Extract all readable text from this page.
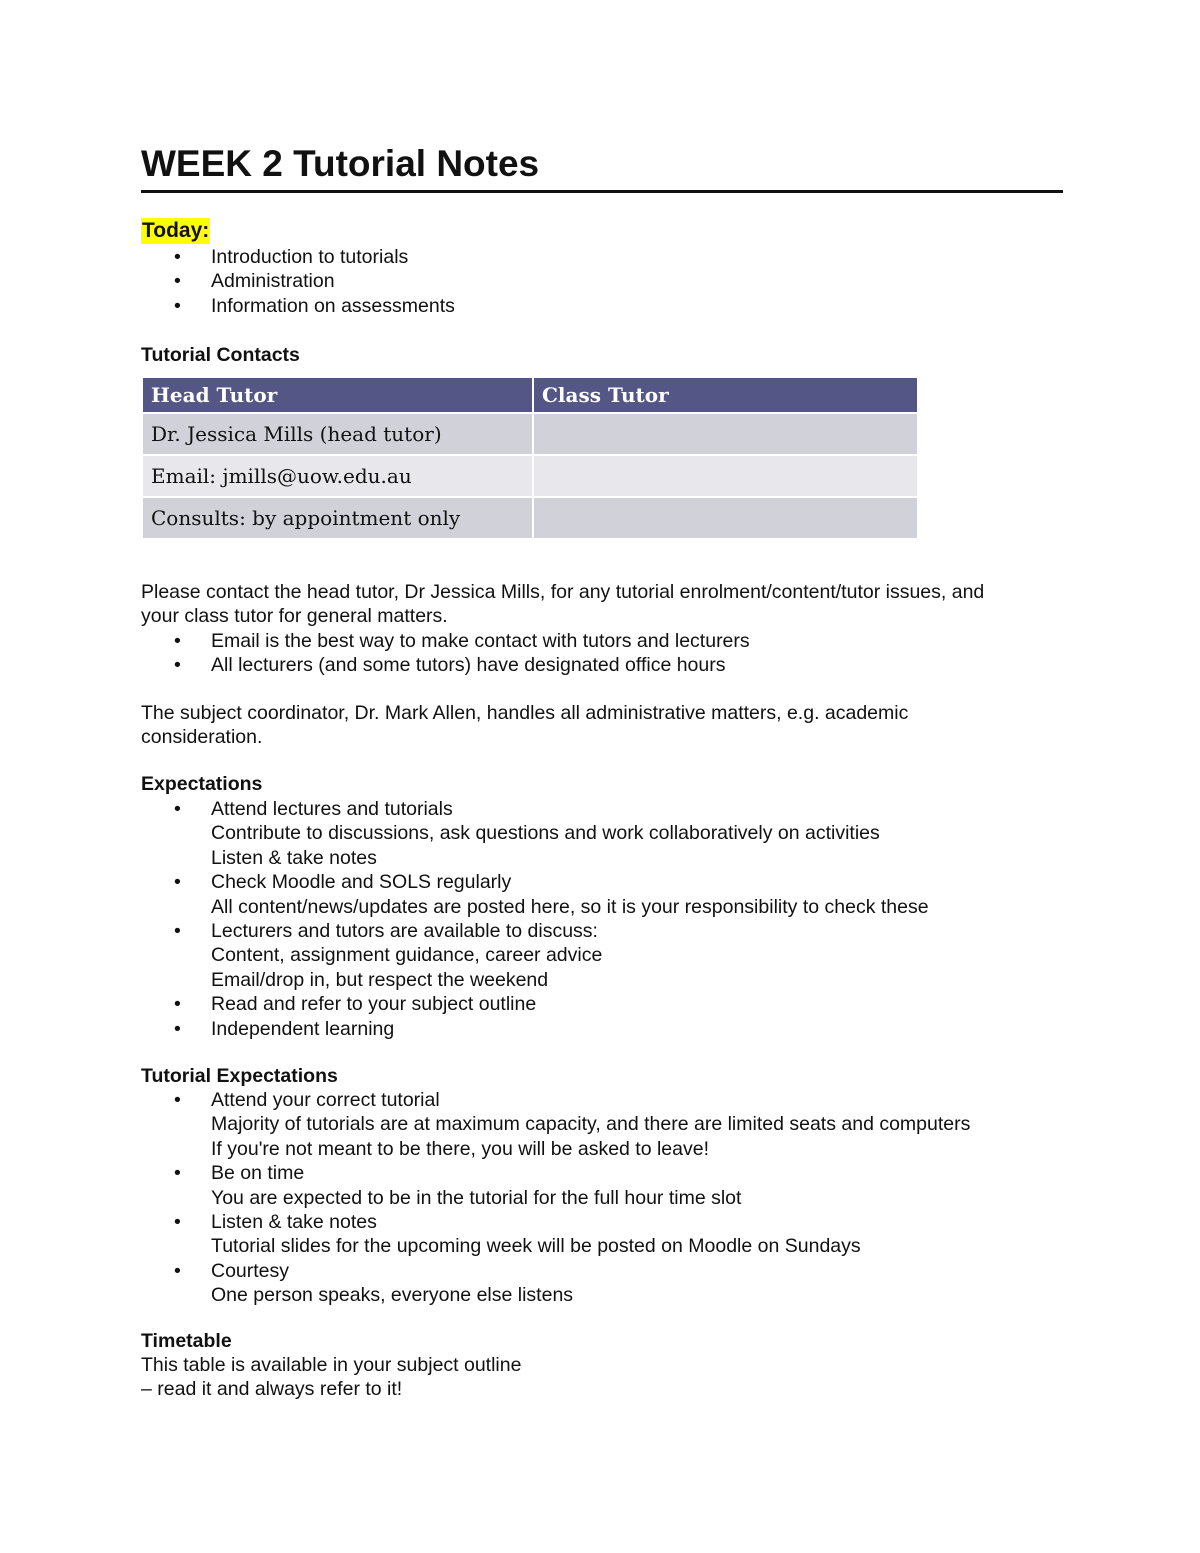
WEEK 2 Tutorial Notes
Today:
• Introduction to tutorials
• Administration
• Information on assessments
Tutorial Contacts
Head Tutor	Class Tutor
Dr. Jessica Mills (head tutor)	
Email: jmills@uow.edu.au	
Consults: by appointment only	
Please contact the head tutor, Dr Jessica Mills, for any tutorial enrolment/content/tutor issues, and
your class tutor for general matters.
• Email is the best way to make contact with tutors and lecturers
• All lecturers (and some tutors) have designated office hours
The subject coordinator, Dr. Mark Allen, handles all administrative matters, e.g. academic
consideration.
Expectations
• Attend lectures and tutorials
Contribute to discussions, ask questions and work collaboratively on activities
Listen & take notes
• Check Moodle and SOLS regularly
All content/news/updates are posted here, so it is your responsibility to check these
• Lecturers and tutors are available to discuss:
Content, assignment guidance, career advice
Email/drop in, but respect the weekend
• Read and refer to your subject outline
• Independent learning
Tutorial Expectations
• Attend your correct tutorial
Majority of tutorials are at maximum capacity, and there are limited seats and computers
If you're not meant to be there, you will be asked to leave!
• Be on time
You are expected to be in the tutorial for the full hour time slot
• Listen & take notes
Tutorial slides for the upcoming week will be posted on Moodle on Sundays
• Courtesy
One person speaks, everyone else listens
Timetable
This table is available in your subject outline
– read it and always refer to it!
